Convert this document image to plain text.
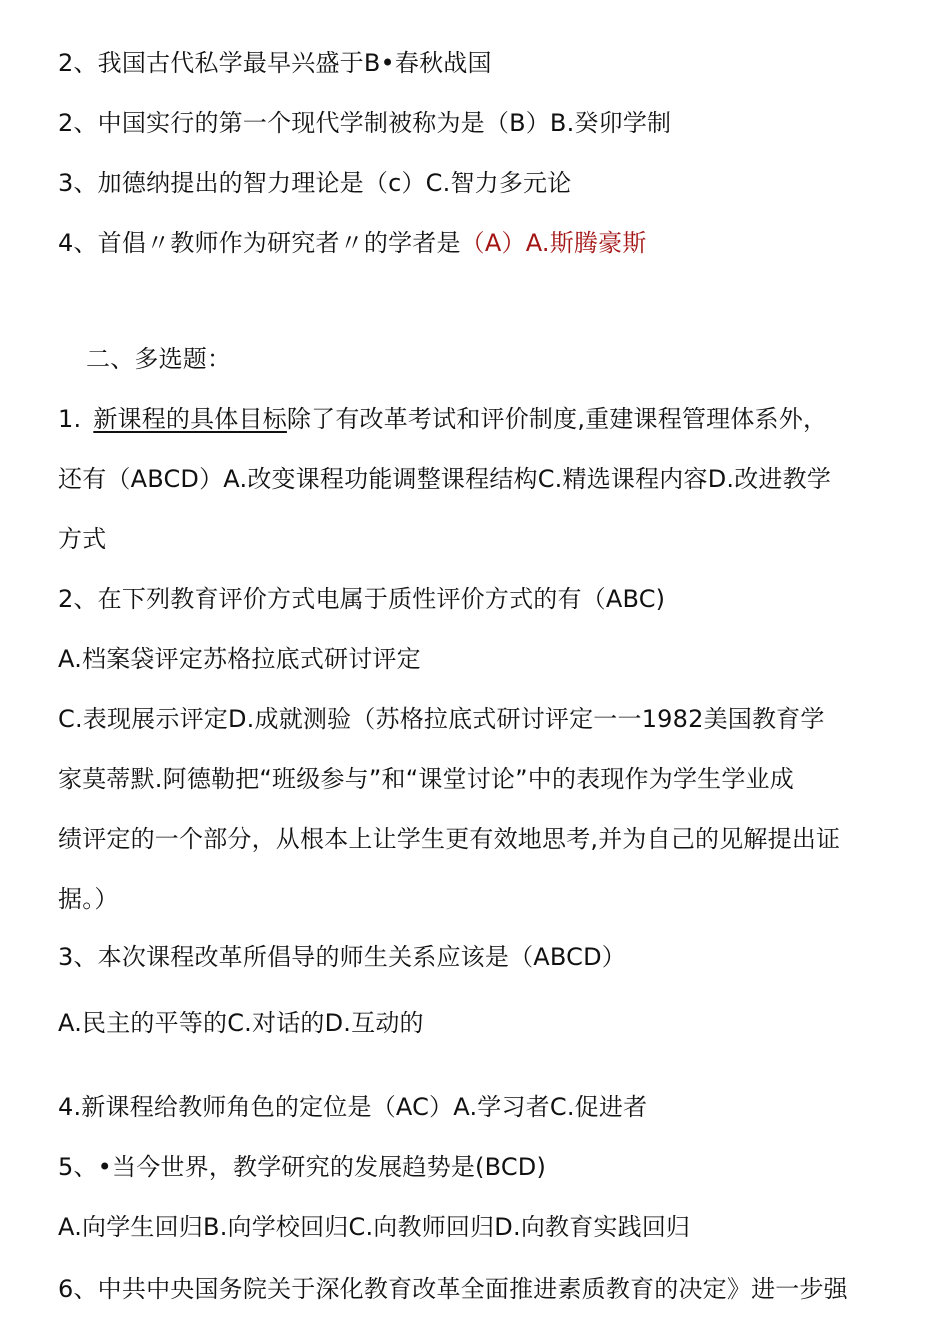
2、我国古代私学最早兴盛于B•春秋战国
2、中国实行的第一个现代学制被称为是（B）B.癸卯学制
3、加德纳提出的智力理论是（c）C.智力多元论
4、首倡〃教师作为研究者〃的学者是（A）A.斯腾豪斯
二、多选题：
1. 新课程的具体目标除了有改革考试和评价制度,重建课程管理体系外，
还有（ABCD）A.改变课程功能调整课程结构C.精选课程内容D.改进教学
方式
2、在下列教育评价方式电属于质性评价方式的有（ABC)
A.档案袋评定苏格拉底式研讨评定
C.表现展示评定D.成就测验（苏格拉底式研讨评定一一1982美国教育学
家莫蒂默.阿德勒把“班级参与”和“课堂讨论”中的表现作为学生学业成
绩评定的一个部分，从根本上让学生更有效地思考,并为自己的见解提出证
据。）
3、本次课程改革所倡导的师生关系应该是（ABCD）
A.民主的平等的C.对话的D.互动的
4.新课程给教师角色的定位是（AC）A.学习者C.促进者
5、•当今世界，教学研究的发展趋势是(BCD)
A.向学生回归B.向学校回归C.向教师回归D.向教育实践回归
6、中共中央国务院关于深化教育改革全面推进素质教育的决定》进一步强
